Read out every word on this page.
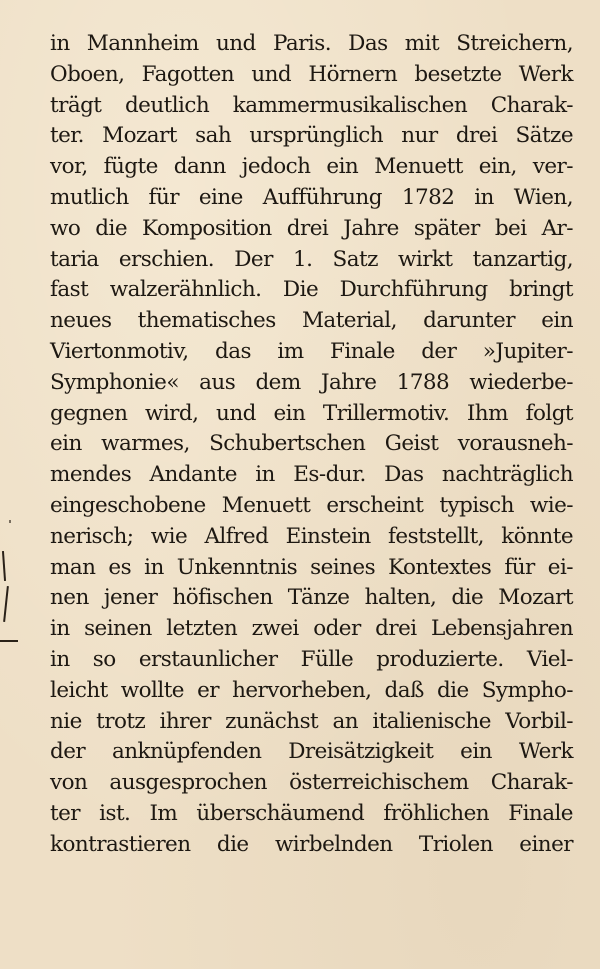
in Mannheim und Paris. Das mit Streichern,
Oboen, Fagotten und Hörnern besetzte Werk
trägt deutlich kammermusikalischen Charak-
ter. Mozart sah ursprünglich nur drei Sätze
vor, fügte dann jedoch ein Menuett ein, ver-
mutlich für eine Aufführung 1782 in Wien,
wo die Komposition drei Jahre später bei Ar-
taria erschien. Der 1. Satz wirkt tanzartig,
fast walzerähnlich. Die Durchführung bringt
neues thematisches Material, darunter ein
Viertonmotiv, das im Finale der »Jupiter-
Symphonie« aus dem Jahre 1788 wiederbe-
gegnen wird, und ein Trillermotiv. Ihm folgt
ein warmes, Schubertschen Geist vorausneh-
mendes Andante in Es-dur. Das nachträglich
eingeschobene Menuett erscheint typisch wie-
nerisch; wie Alfred Einstein feststellt, könnte
man es in Unkenntnis seines Kontextes für ei-
nen jener höfischen Tänze halten, die Mozart
in seinen letzten zwei oder drei Lebensjahren
in so erstaunlicher Fülle produzierte. Viel-
leicht wollte er hervorheben, daß die Sympho-
nie trotz ihrer zunächst an italienische Vorbil-
der anknüpfenden Dreisätzigkeit ein Werk
von ausgesprochen österreichischem Charak-
ter ist. Im überschäumend fröhlichen Finale
kontrastieren die wirbelnden Triolen einer
